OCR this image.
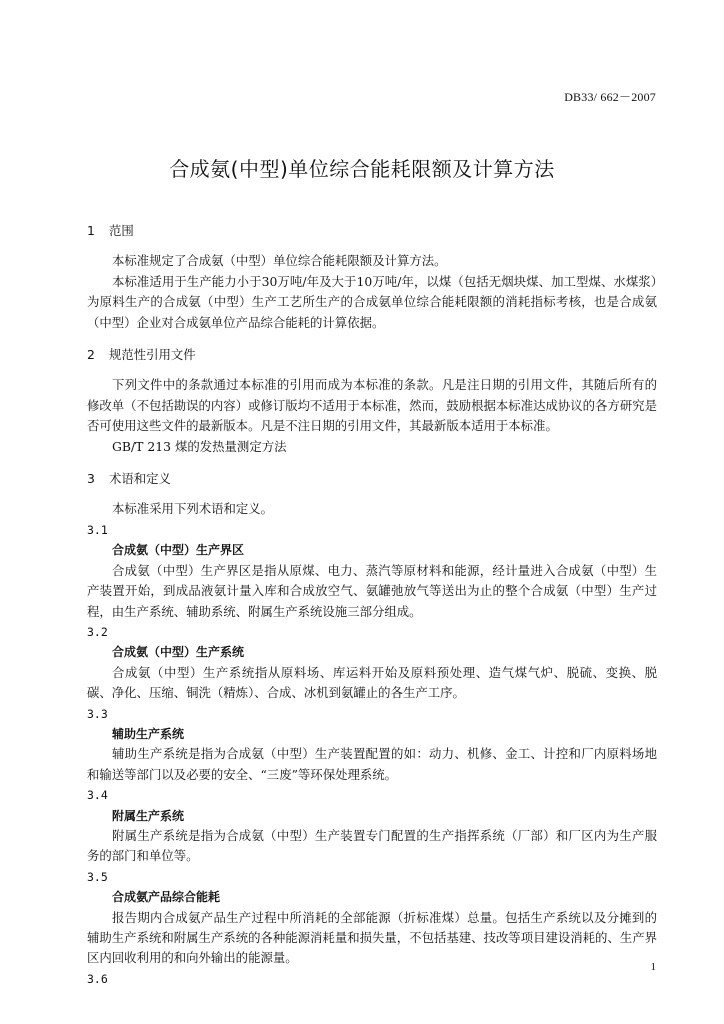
DB33/ 662－2007
合成氨(中型)单位综合能耗限额及计算方法
1 范围

本标准规定了合成氨（中型）单位综合能耗限额及计算方法。

本标准适用于生产能力小于30万吨/年及大于10万吨/年，以煤（包括无烟块煤、加工型煤、水煤浆）为原料生产的合成氨（中型）生产工艺所生产的合成氨单位综合能耗限额的消耗指标考核，也是合成氨（中型）企业对合成氨单位产品综合能耗的计算依据。

2 规范性引用文件

下列文件中的条款通过本标准的引用而成为本标准的条款。凡是注日期的引用文件，其随后所有的修改单（不包括勘误的内容）或修订版均不适用于本标准，然而，鼓励根据本标准达成协议的各方研究是否可使用这些文件的最新版本。凡是不注日期的引用文件，其最新版本适用于本标准。

GB/T 213 煤的发热量测定方法
3 术语和定义

本标准采用下列术语和定义。

3.1
合成氨（中型）生产界区

合成氨（中型）生产界区是指从原煤、电力、蒸汽等原材料和能源，经计量进入合成氨（中型）生产装置开始，到成品液氨计量入库和合成放空气、氨罐弛放气等送出为止的整个合成氨（中型）生产过程，由生产系统、辅助系统、附属生产系统设施三部分组成。

3.2
合成氨（中型）生产系统

合成氨（中型）生产系统指从原料场、库运料开始及原料预处理、造气煤气炉、脱硫、变换、脱碳、净化、压缩、铜洗（精炼）、合成、冰机到氨罐止的各生产工序。

3.3
辅助生产系统

辅助生产系统是指为合成氨（中型）生产装置配置的如：动力、机修、金工、计控和厂内原料场地和输送等部门以及必要的安全、“三废”等环保处理系统。

3.4
附属生产系统

附属生产系统是指为合成氨（中型）生产装置专门配置的生产指挥系统（厂部）和厂区内为生产服务的部门和单位等。

3.5
合成氨产品综合能耗

报告期内合成氨产品生产过程中所消耗的全部能源（折标准煤）总量。包括生产系统以及分摊到的辅助生产系统和附属生产系统的各种能源消耗量和损失量，不包括基建、技改等项目建设消耗的、生产界区内回收利用的和向外输出的能源量。

3.6
1
